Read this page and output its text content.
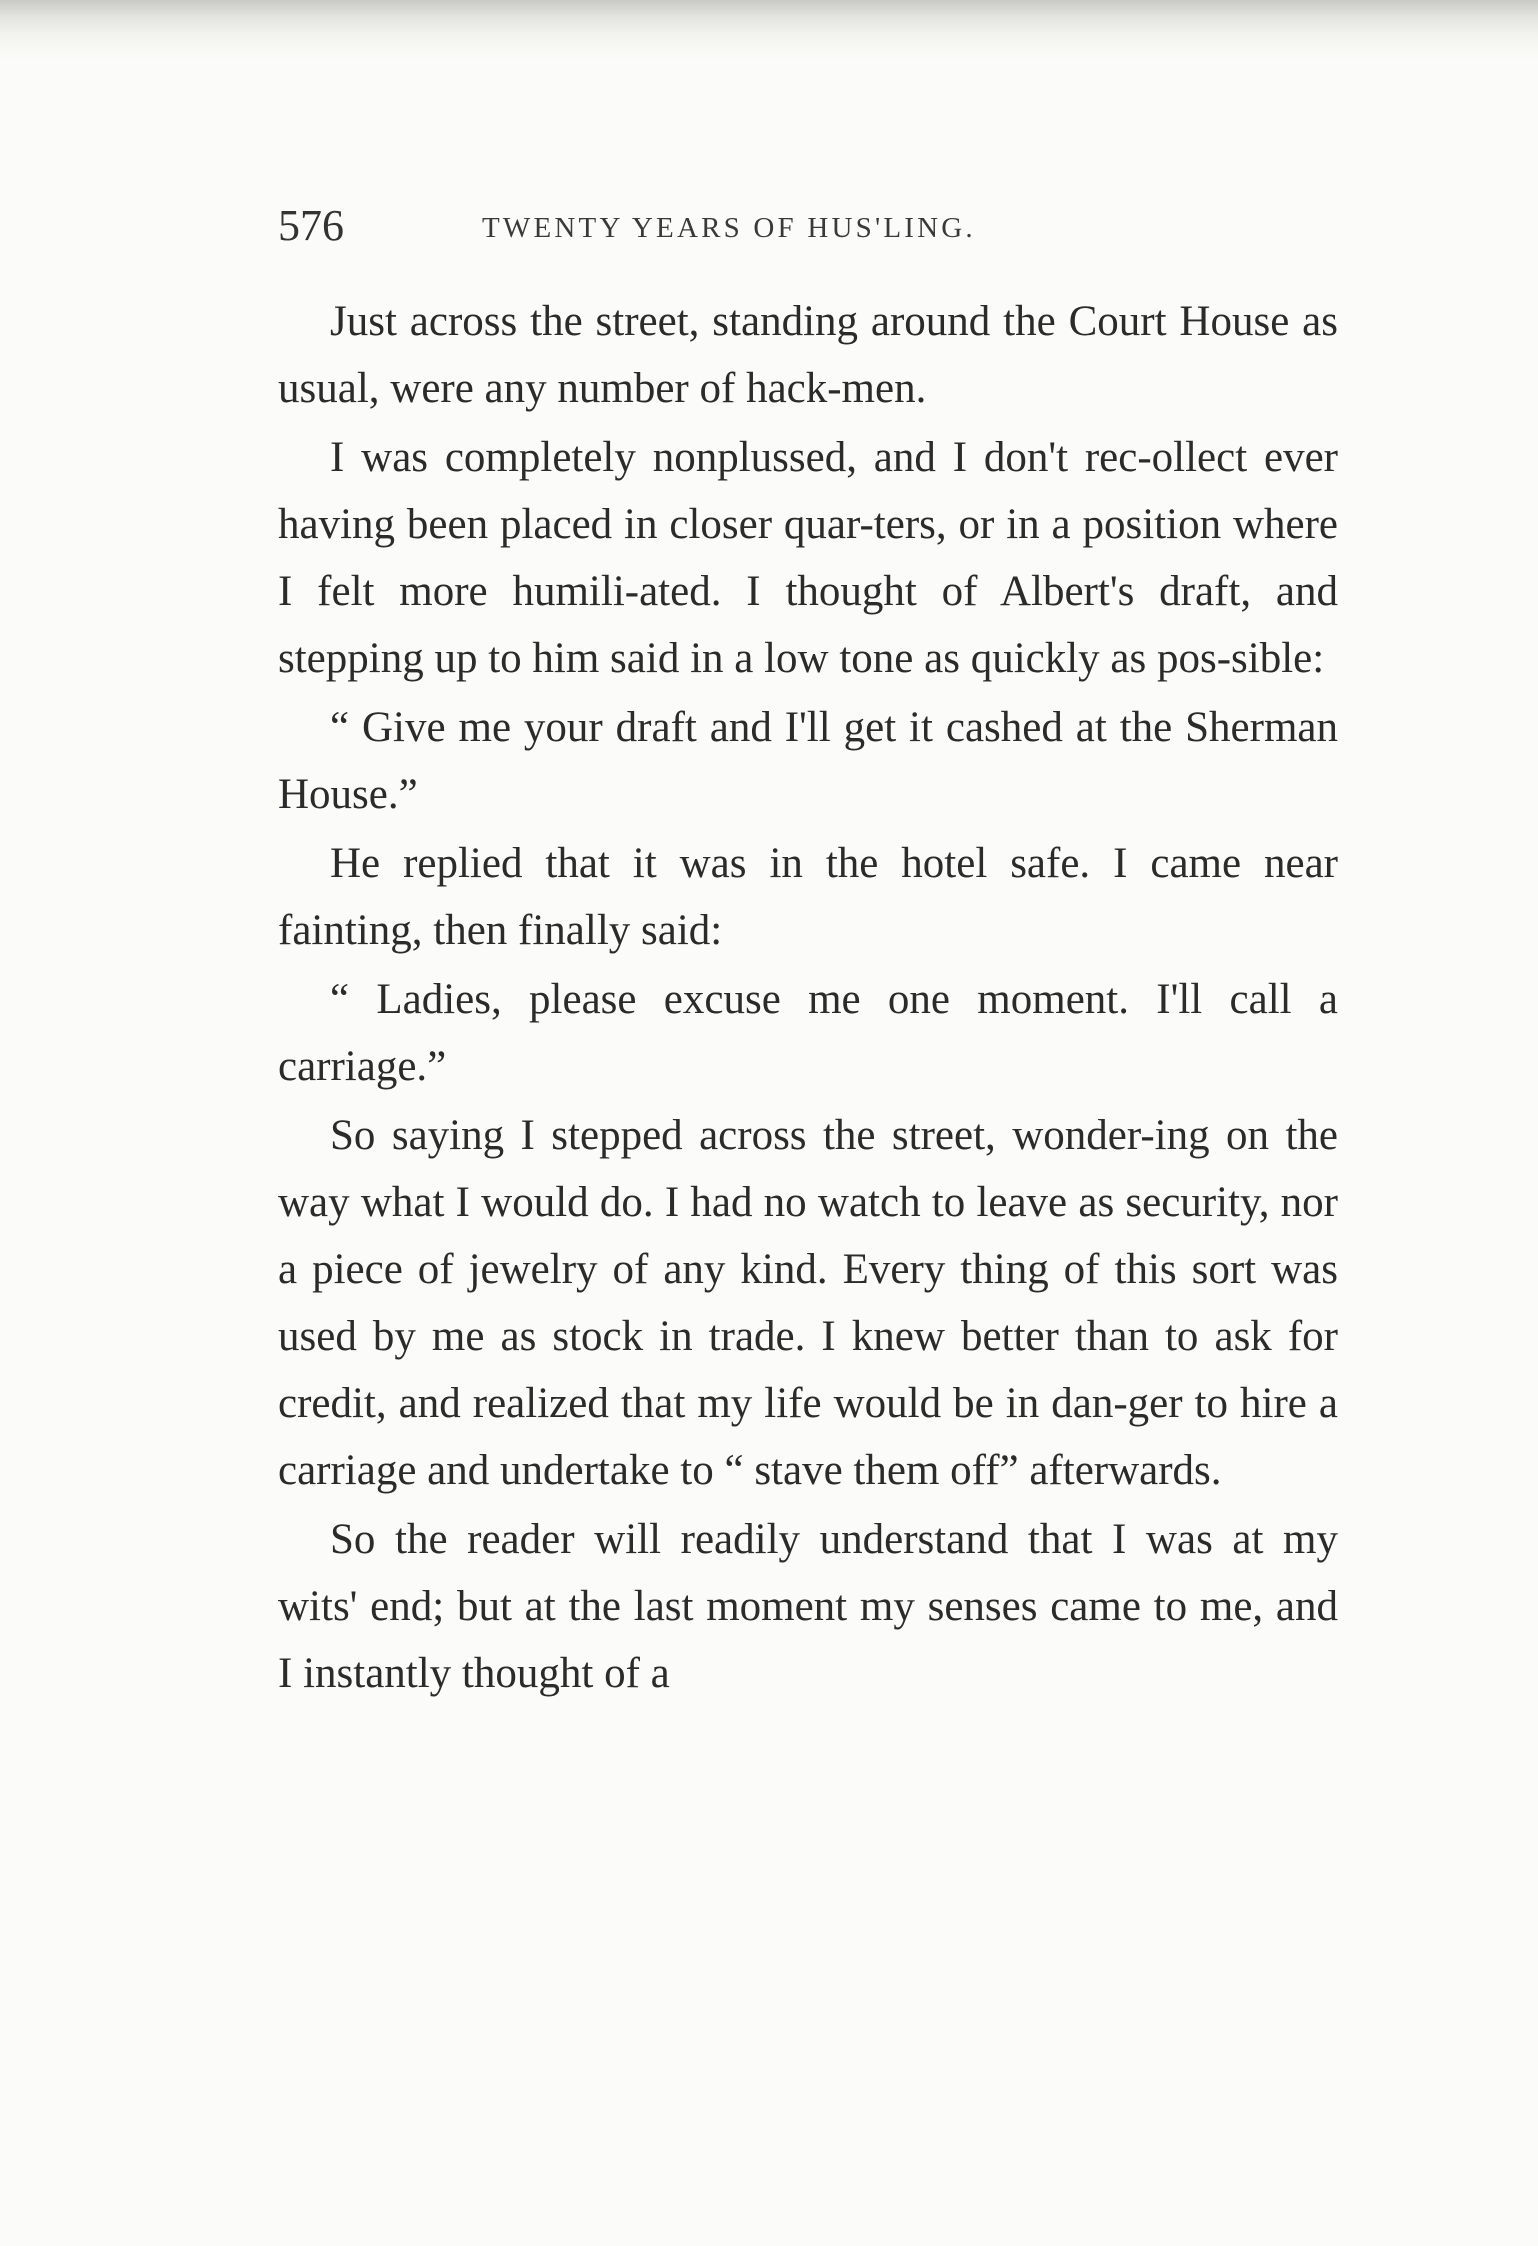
576	TWENTY YEARS OF HUS'LING.

Just across the street, standing around the Court House as usual, were any number of hack-men.

I was completely nonplussed, and I don't rec-ollect ever having been placed in closer quar-ters, or in a position where I felt more humili-ated. I thought of Albert's draft, and stepping up to him said in a low tone as quickly as pos-sible:

“ Give me your draft and I'll get it cashed at the Sherman House.”

He replied that it was in the hotel safe. I came near fainting, then finally said:

“ Ladies, please excuse me one moment. I'll call a carriage.”

So saying I stepped across the street, wonder-ing on the way what I would do. I had no watch to leave as security, nor a piece of jewelry of any kind. Every thing of this sort was used by me as stock in trade. I knew better than to ask for credit, and realized that my life would be in dan-ger to hire a carriage and undertake to “ stave them off” afterwards.

So the reader will readily understand that I was at my wits' end; but at the last moment my senses came to me, and I instantly thought of a
